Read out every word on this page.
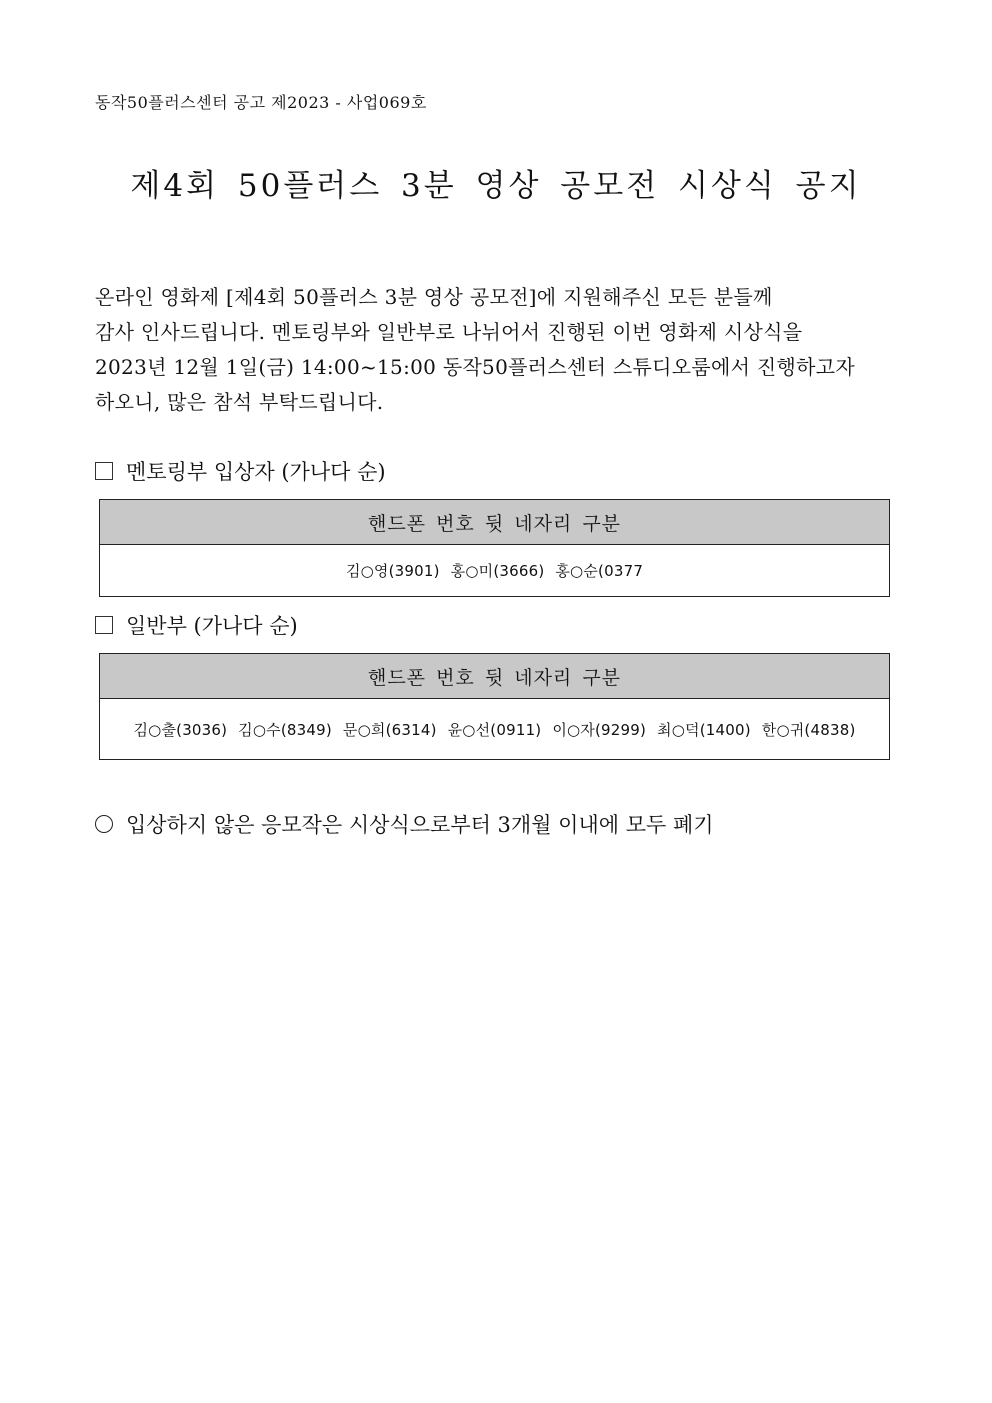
동작50플러스센터 공고 제2023 - 사업069호
제4회 50플러스 3분 영상 공모전 시상식 공지
온라인 영화제 [제4회 50플러스 3분 영상 공모전]에 지원해주신 모든 분들께
감사 인사드립니다. 멘토링부와 일반부로 나뉘어서 진행된 이번 영화제 시상식을
2023년 12월 1일(금) 14:00~15:00 동작50플러스센터 스튜디오룸에서 진행하고자
하오니, 많은 참석 부탁드립니다.
멘토링부 입상자 (가나다 순)
핸드폰 번호 뒷 네자리 구분
김○영(3901) 홍○미(3666) 홍○순(0377
일반부 (가나다 순)
핸드폰 번호 뒷 네자리 구분
김○출(3036) 김○수(8349) 문○희(6314) 윤○선(0911) 이○자(9299) 최○덕(1400) 한○귀(4838)
입상하지 않은 응모작은 시상식으로부터 3개월 이내에 모두 폐기
